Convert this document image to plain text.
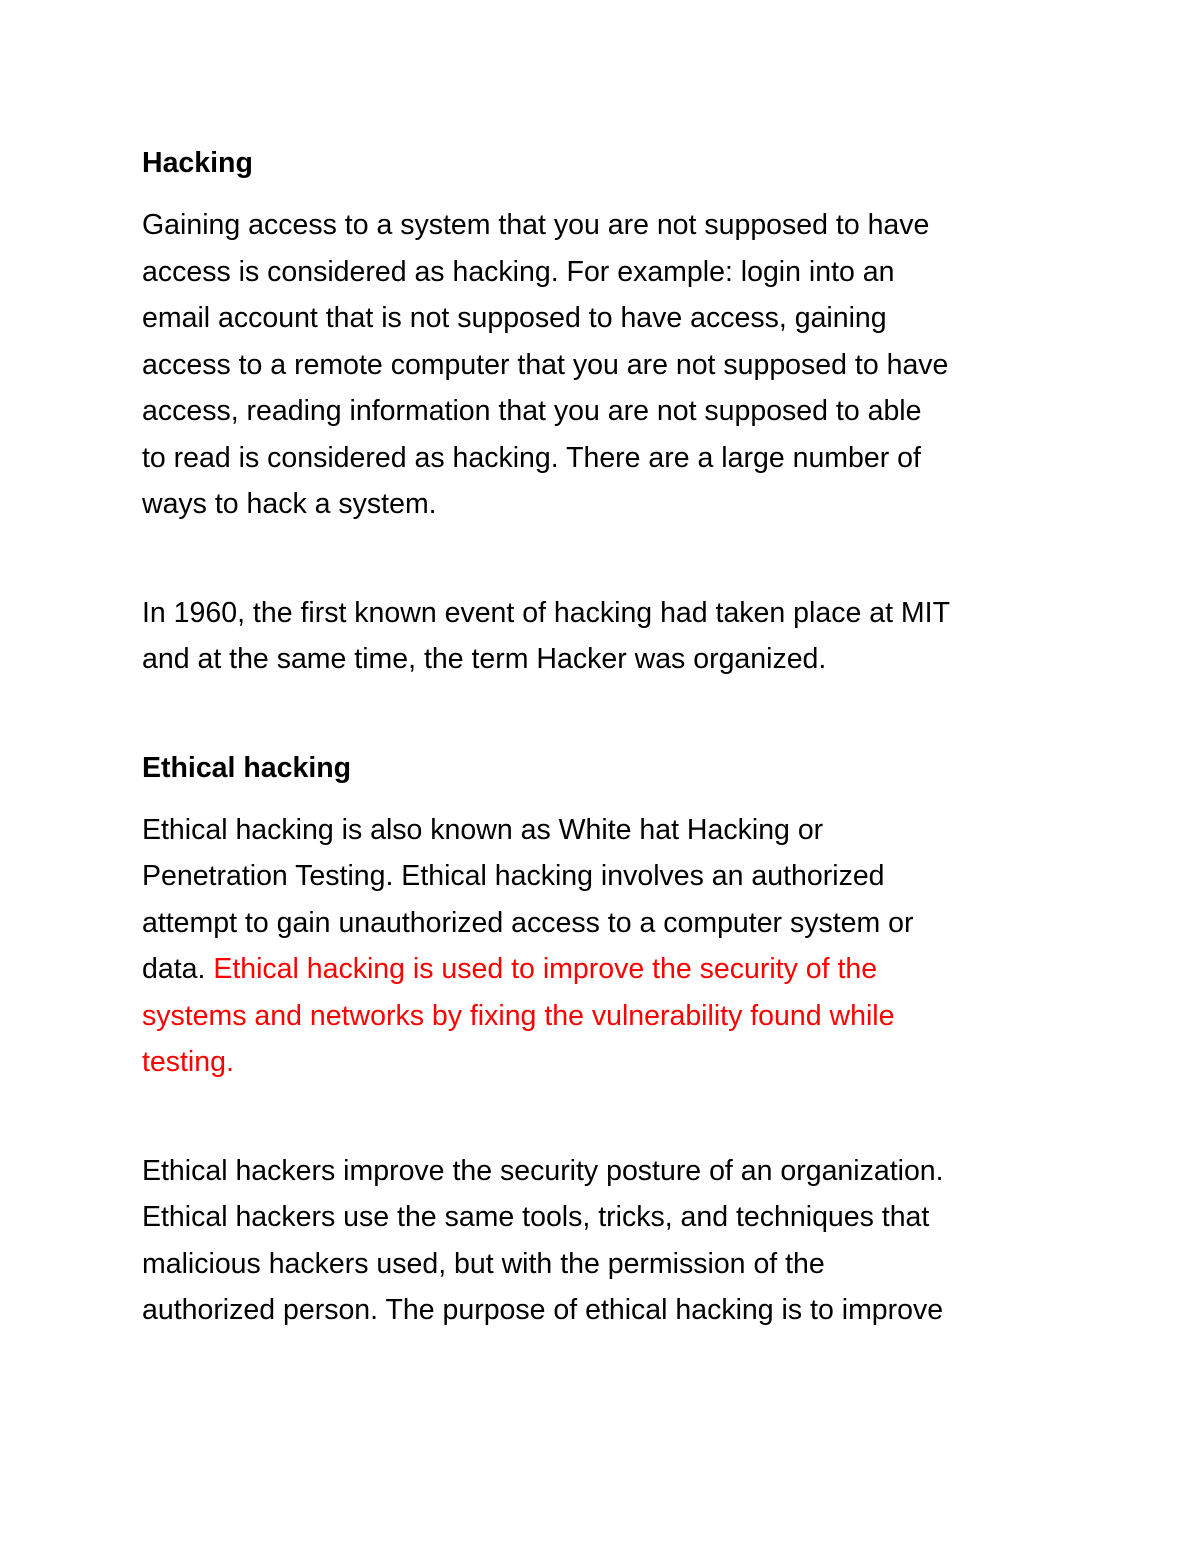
Hacking
Gaining access to a system that you are not supposed to have
access is considered as hacking. For example: login into an
email account that is not supposed to have access, gaining
access to a remote computer that you are not supposed to have
access, reading information that you are not supposed to able
to read is considered as hacking. There are a large number of
ways to hack a system.
In 1960, the first known event of hacking had taken place at MIT
and at the same time, the term Hacker was organized.
Ethical hacking
Ethical hacking is also known as White hat Hacking or
Penetration Testing. Ethical hacking involves an authorized
attempt to gain unauthorized access to a computer system or
data. Ethical hacking is used to improve the security of the
systems and networks by fixing the vulnerability found while
testing.
Ethical hackers improve the security posture of an organization.
Ethical hackers use the same tools, tricks, and techniques that
malicious hackers used, but with the permission of the
authorized person. The purpose of ethical hacking is to improve
